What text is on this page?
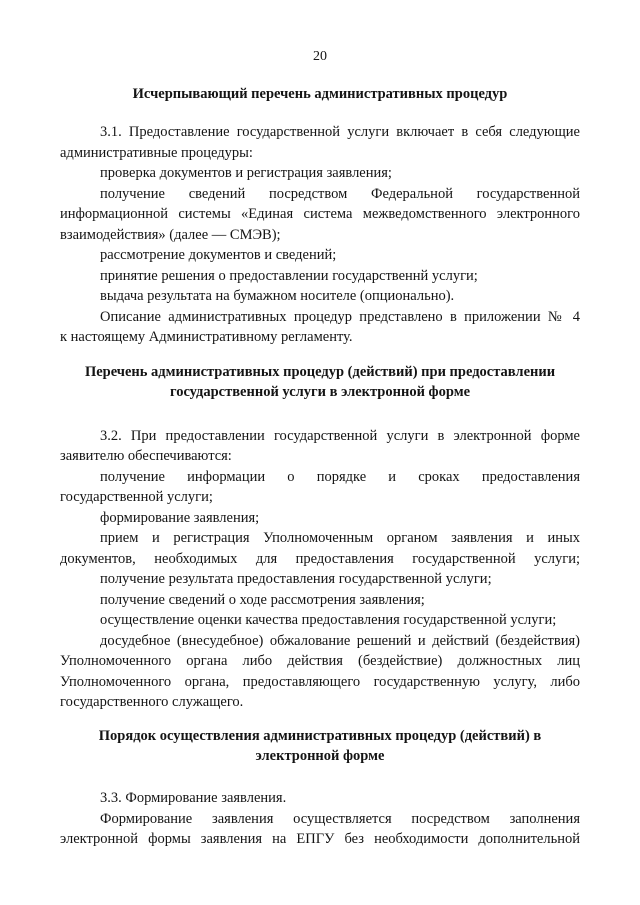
20
Исчерпывающий перечень административных процедур
3.1. Предоставление государственной услуги включает в себя следующие
административные процедуры:
проверка документов и регистрация заявления;
получение сведений посредством Федеральной государственной
информационной системы «Единая система межведомственного электронного
взаимодействия» (далее — СМЭВ);
рассмотрение документов и сведений;
принятие решения о предоставлении государственнй услуги;
выдача результата на бумажном носителе (опционально).
Описание административных процедур представлено в приложении № 4
к настоящему Административному регламенту.
Перечень административных процедур (действий) при предоставлении
государственной услуги в электронной форме
3.2. При предоставлении государственной услуги в электронной форме
заявителю обеспечиваются:
получение информации о порядке и сроках предоставления
государственной услуги;
формирование заявления;
прием и регистрация Уполномоченным органом заявления и иных
документов, необходимых для предоставления государственной услуги;
получение результата предоставления государственной услуги;
получение сведений о ходе рассмотрения заявления;
осуществление оценки качества предоставления государственной услуги;
досудебное (внесудебное) обжалование решений и действий (бездействия)
Уполномоченного органа либо действия (бездействие) должностных лиц
Уполномоченного органа, предоставляющего государственную услугу, либо
государственного служащего.
Порядок осуществления административных процедур (действий) в
электронной форме
3.3. Формирование заявления.
Формирование заявления осуществляется посредством заполнения
электронной формы заявления на ЕПГУ без необходимости дополнительной
